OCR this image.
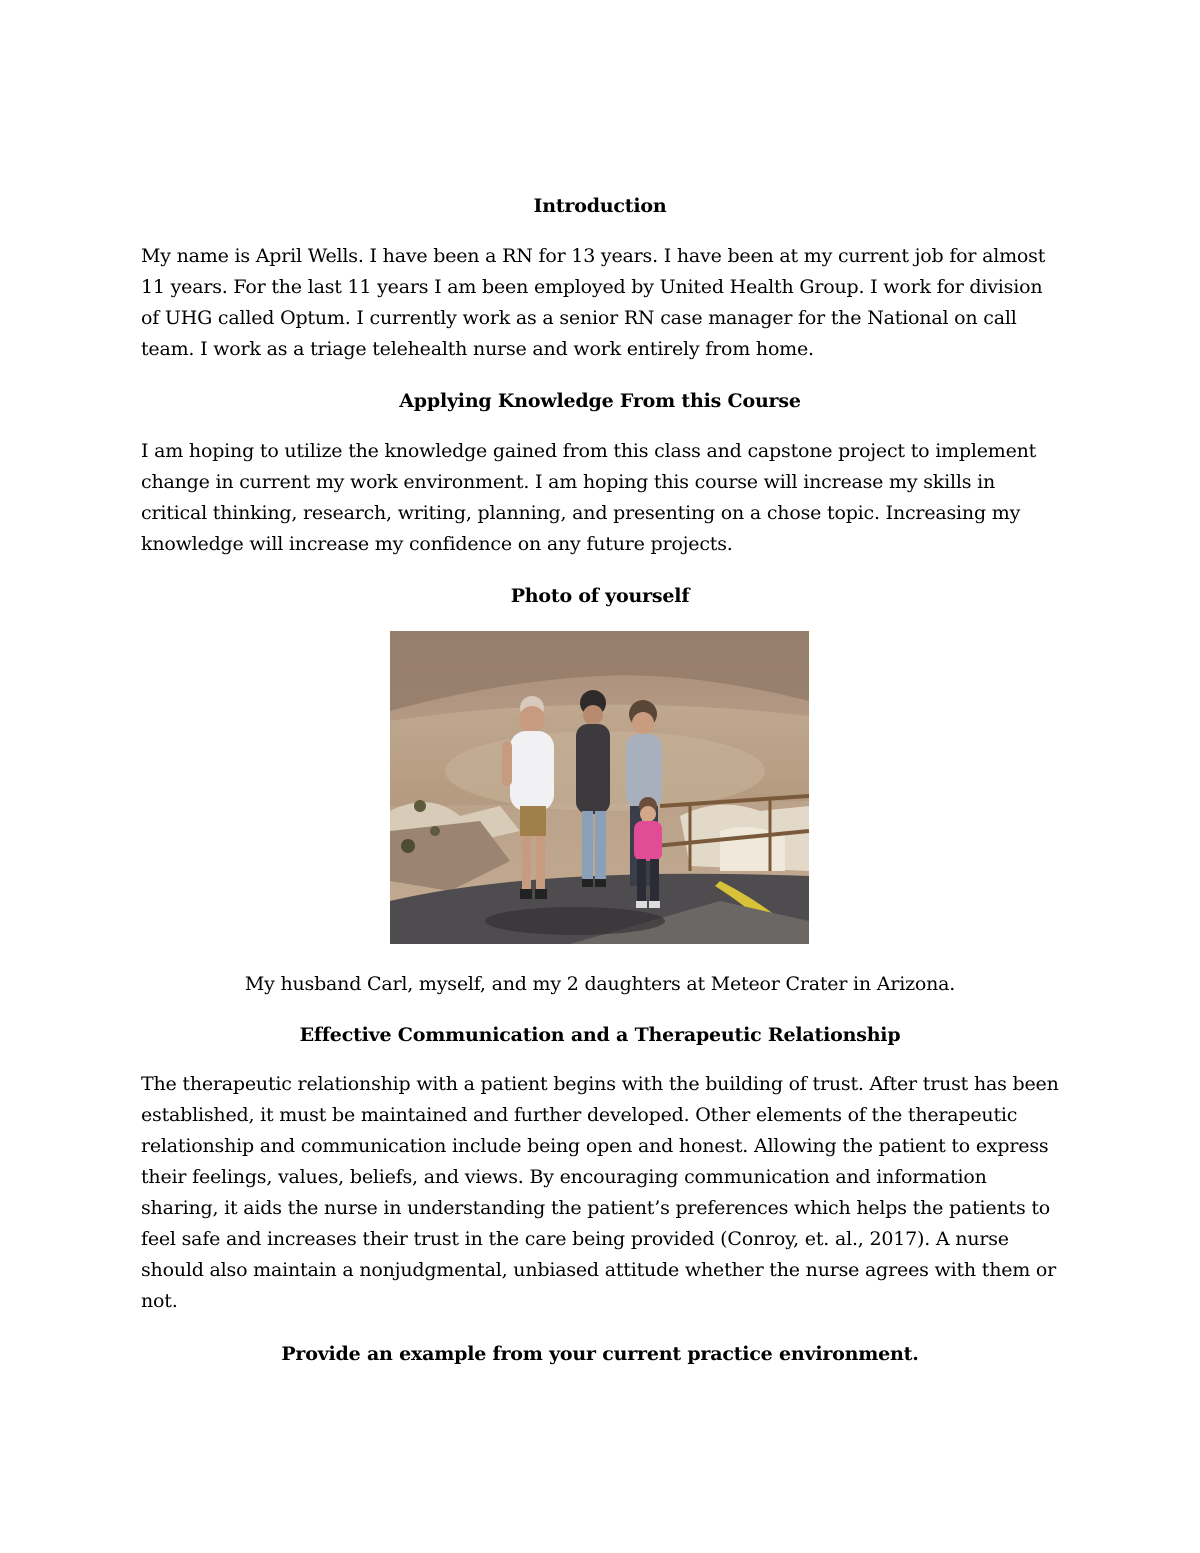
Introduction
My name is April Wells. I have been a RN for 13 years. I have been at my current job for almost
11 years. For the last 11 years I am been employed by United Health Group. I work for division
of UHG called Optum. I currently work as a senior RN case manager for the National on call
team. I work as a triage telehealth nurse and work entirely from home.
Applying Knowledge From this Course
I am hoping to utilize the knowledge gained from this class and capstone project to implement
change in current my work environment. I am hoping this course will increase my skills in
critical thinking, research, writing, planning, and presenting on a chose topic. Increasing my
knowledge will increase my confidence on any future projects.
Photo of yourself
My husband Carl, myself, and my 2 daughters at Meteor Crater in Arizona.
Effective Communication and a Therapeutic Relationship
The therapeutic relationship with a patient begins with the building of trust. After trust has been
established, it must be maintained and further developed. Other elements of the therapeutic
relationship and communication include being open and honest. Allowing the patient to express
their feelings, values, beliefs, and views. By encouraging communication and information
sharing, it aids the nurse in understanding the patient’s preferences which helps the patients to
feel safe and increases their trust in the care being provided (Conroy, et. al., 2017). A nurse
should also maintain a nonjudgmental, unbiased attitude whether the nurse agrees with them or
not.
Provide an example from your current practice environment.
